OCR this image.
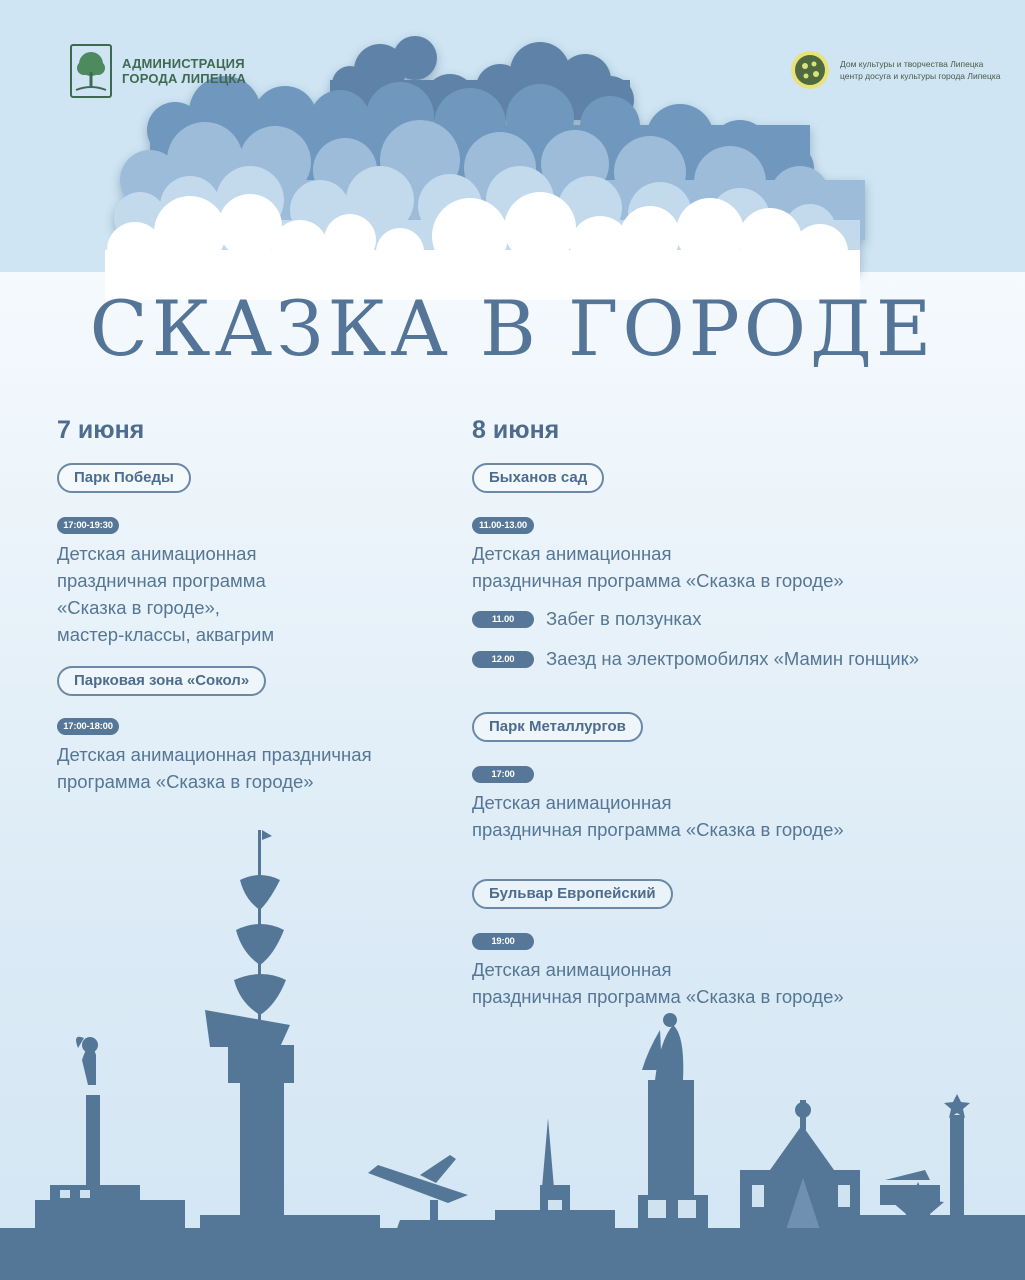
АДМИНИСТРАЦИЯ
ГОРОДА ЛИПЕЦКА
Дом культуры и творчества Липецка
центр досуга и культуры города Липецка
СКАЗКА В ГОРОДЕ
7 июня
Парк Победы
17:00-19:30
Детская анимационная
праздничная программа
«Сказка в городе»,
мастер-классы, аквагрим
Парковая зона «Сокол»
17:00-18:00
Детская анимационная праздничная
программа «Сказка в городе»
8 июня
Быханов сад
11.00-13.00
Детская анимационная
праздничная программа «Сказка в городе»
11.00	Забег в ползунках
12.00	Заезд на электромобилях «Мамин гонщик»
Парк Металлургов
17:00
Детская анимационная
праздничная программа «Сказка в городе»
Бульвар Европейский
19:00
Детская анимационная
праздничная программа «Сказка в городе»
